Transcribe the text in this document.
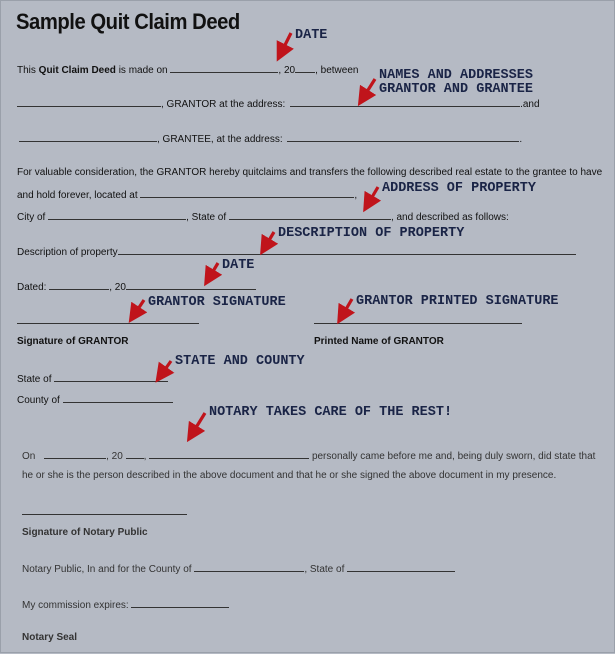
Sample Quit Claim Deed
This Quit Claim Deed is made on	, 20 , between
, GRANTOR at the address:	.and
, GRANTEE, at the address:	.
For valuable consideration, the GRANTOR hereby quitclaims and transfers the following described real estate to the grantee to have
and hold forever, located at	,
City of	, State of	, and described as follows:
Description of property
Dated:	, 20
Signature of GRANTOR	Printed Name of GRANTOR
State of
County of
On	, 20 ,	personally came before me and, being duly sworn, did state that
he or she is the person described in the above document and that he or she signed the above document in my presence.
Signature of Notary Public
Notary Public, In and for the County of	, State of
My commission expires:
Notary Seal
DATE
NAMES AND ADDRESSES
GRANTOR AND GRANTEE
ADDRESS OF PROPERTY
DESCRIPTION OF PROPERTY
DATE
GRANTOR SIGNATURE	GRANTOR PRINTED SIGNATURE
STATE AND COUNTY
NOTARY TAKES CARE OF THE REST!
